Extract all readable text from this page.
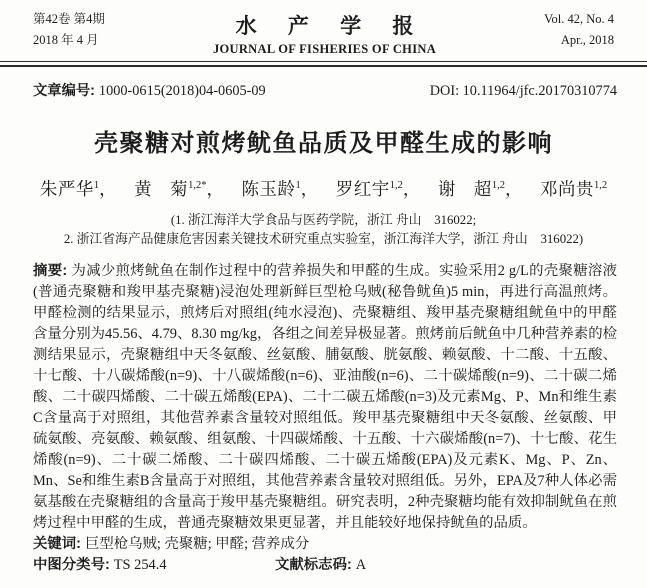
第42卷 第4期
2018 年 4 月
水 产 学 报
JOURNAL OF FISHERIES OF CHINA
Vol. 42, No. 4
Apr., 2018
文章编号: 1000-0615(2018)04-0605-09	DOI: 10.11964/jfc.20170310774
壳聚糖对煎烤鱿鱼品质及甲醛生成的影响
朱严华$^1$， 黄　菊$^{1,2*}$， 陈玉龄$^1$， 罗红宇$^{1,2}$， 谢　超$^{1,2}$， 邓尚贵$^{1,2}$
(1. 浙江海洋大学食品与医药学院，浙江 舟山　316022;
2. 浙江省海产品健康危害因素关键技术研究重点实验室，浙江海洋大学，浙江 舟山　316022)

摘要: 为减少煎烤鱿鱼在制作过程中的营养损失和甲醛的生成。实验采用2 g/L的壳聚糖溶液(普通壳聚糖和羧甲基壳聚糖)浸泡处理新鲜巨型枪乌贼(秘鲁鱿鱼)5 min，再进行高温煎烤。甲醛检测的结果显示，煎烤后对照组(纯水浸泡)、壳聚糖组、羧甲基壳聚糖组鱿鱼中的甲醛含量分别为45.56、4.79、8.30 mg/kg，各组之间差异极显著。煎烤前后鱿鱼中几种营养素的检测结果显示，壳聚糖组中天冬氨酸、丝氨酸、脯氨酸、胱氨酸、赖氨酸、十二酸、十五酸、十七酸、十八碳烯酸(n=9)、十八碳烯酸(n=6)、亚油酸(n=6)、二十碳烯酸(n=9)、二十碳二烯酸、二十碳四烯酸、二十碳五烯酸(EPA)、二十二碳五烯酸(n=3)及元素Mg、P、Mn和维生素C含量高于对照组，其他营养素含量较对照组低。羧甲基壳聚糖组中天冬氨酸、丝氨酸、甲硫氨酸、亮氨酸、赖氨酸、组氨酸、十四碳烯酸、十五酸、十六碳烯酸(n=7)、十七酸、花生烯酸(n=9)、二十碳二烯酸、二十碳四烯酸、二十碳五烯酸(EPA)及元素K、Mg、P、Zn、Mn、Se和维生素B含量高于对照组，其他营养素含量较对照组低。另外，EPA及7种人体必需氨基酸在壳聚糖组的含量高于羧甲基壳聚糖组。研究表明，2种壳聚糖均能有效抑制鱿鱼在煎烤过程中甲醛的生成，普通壳聚糖效果更显著，并且能较好地保持鱿鱼的品质。

关键词: 巨型枪乌贼; 壳聚糖; 甲醛; 营养成分
中图分类号: TS 254.4	文献标志码: A
